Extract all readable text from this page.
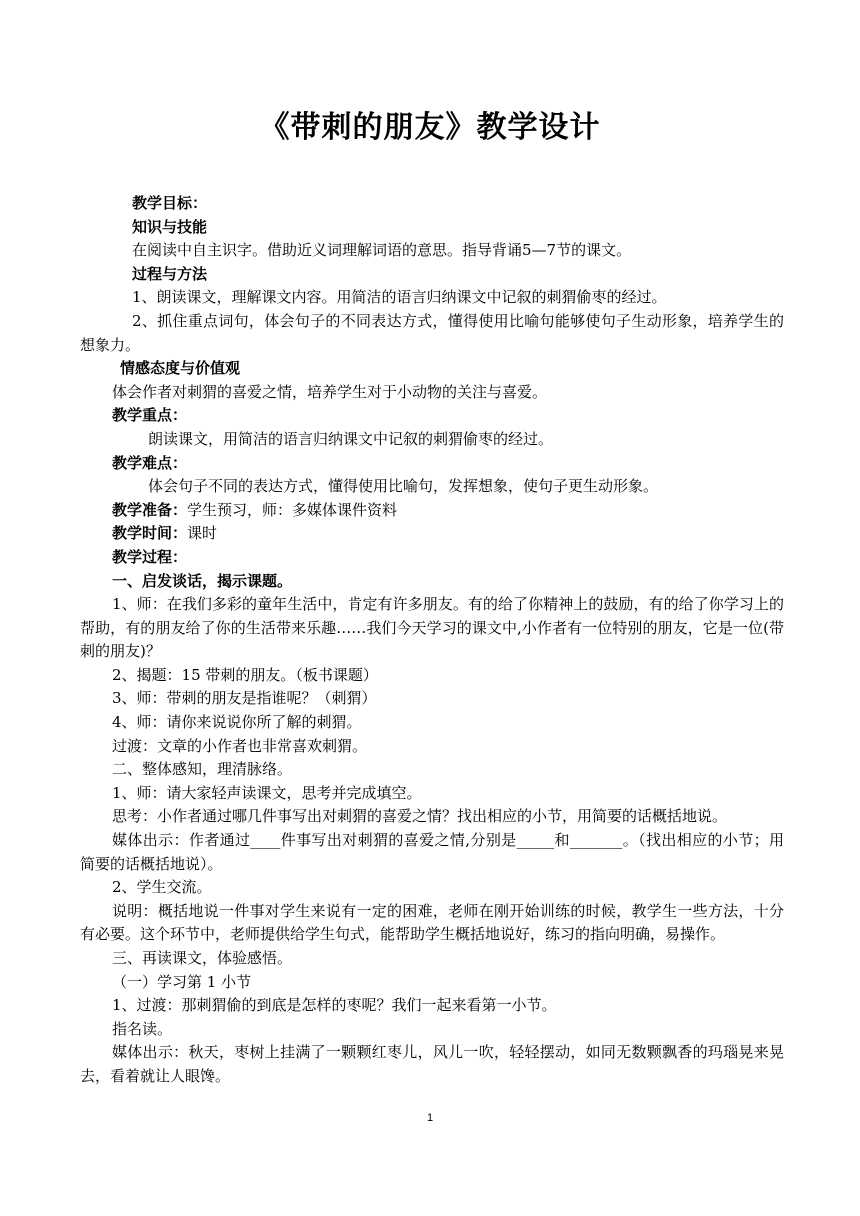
《带刺的朋友》教学设计

教学目标：

知识与技能

在阅读中自主识字。借助近义词理解词语的意思。指导背诵5—7节的课文。

过程与方法

1、朗读课文，理解课文内容。用简洁的语言归纳课文中记叙的刺猬偷枣的经过。

2、抓住重点词句，体会句子的不同表达方式，懂得使用比喻句能够使句子生动形象，培养学生的想象力。

情感态度与价值观

体会作者对刺猬的喜爱之情，培养学生对于小动物的关注与喜爱。

教学重点：

朗读课文，用简洁的语言归纳课文中记叙的刺猬偷枣的经过。

教学难点：

体会句子不同的表达方式，懂得使用比喻句，发挥想象，使句子更生动形象。

教学准备：学生预习，师：多媒体课件资料

教学时间：课时

教学过程：

一、启发谈话，揭示课题。

1、师：在我们多彩的童年生活中，肯定有许多朋友。有的给了你精神上的鼓励，有的给了你学习上的帮助，有的朋友给了你的生活带来乐趣……我们今天学习的课文中,小作者有一位特别的朋友，它是一位(带刺的朋友)？

2、揭题：15 带刺的朋友。（板书课题）

3、师：带刺的朋友是指谁呢？（刺猬）

4、师：请你来说说你所了解的刺猬。

过渡：文章的小作者也非常喜欢刺猬。

二、整体感知，理清脉络。

1、师：请大家轻声读课文，思考并完成填空。

思考：小作者通过哪几件事写出对刺猬的喜爱之情？找出相应的小节，用简要的话概括地说。

媒体出示：作者通过____件事写出对刺猬的喜爱之情,分别是_____和_______。（找出相应的小节；用简要的话概括地说）。

2、学生交流。

说明：概括地说一件事对学生来说有一定的困难，老师在刚开始训练的时候，教学生一些方法，十分有必要。这个环节中，老师提供给学生句式，能帮助学生概括地说好，练习的指向明确，易操作。

三、再读课文，体验感悟。

（一）学习第 1 小节

1、过渡：那刺猬偷的到底是怎样的枣呢？我们一起来看第一小节。

指名读。

媒体出示：秋天，枣树上挂满了一颗颗红枣儿，风儿一吹，轻轻摆动，如同无数颗飘香的玛瑙晃来晃去，看着就让人眼馋。

1
